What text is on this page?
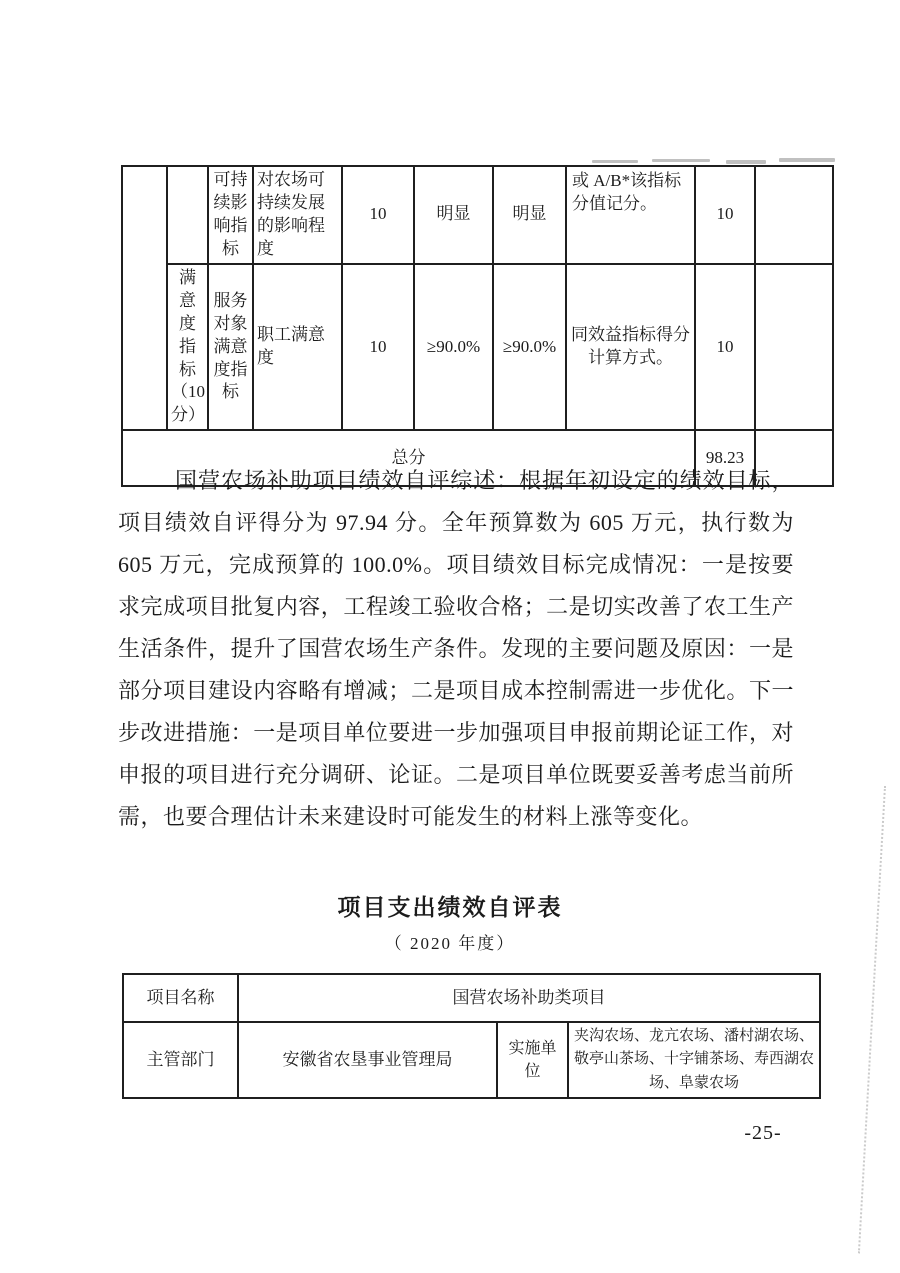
		可持续影响指标	对农场可持续发展的影响程度	10	明显	明显	或 A/B*该指标分值记分。	10	
	满意度指标（10分）	服务对象满意度指标	职工满意度	10	≥90.0%	≥90.0%	同效益指标得分计算方式。	10	
总分								98.23	
国营农场补助项目绩效自评综述：根据年初设定的绩效目标，项目绩效自评得分为 97.94 分。全年预算数为 605 万元，执行数为 605 万元，完成预算的 100.0%。项目绩效目标完成情况：一是按要求完成项目批复内容，工程竣工验收合格；二是切实改善了农工生产生活条件，提升了国营农场生产条件。发现的主要问题及原因：一是部分项目建设内容略有增减；二是项目成本控制需进一步优化。下一步改进措施：一是项目单位要进一步加强项目申报前期论证工作，对申报的项目进行充分调研、论证。二是项目单位既要妥善考虑当前所需，也要合理估计未来建设时可能发生的材料上涨等变化。
项目支出绩效自评表
（ 2020 年度）
项目名称	国营农场补助类项目		
主管部门	安徽省农垦事业管理局	实施单位	夹沟农场、龙亢农场、潘村湖农场、敬亭山茶场、十字铺茶场、寿西湖农场、阜蒙农场
-25-
